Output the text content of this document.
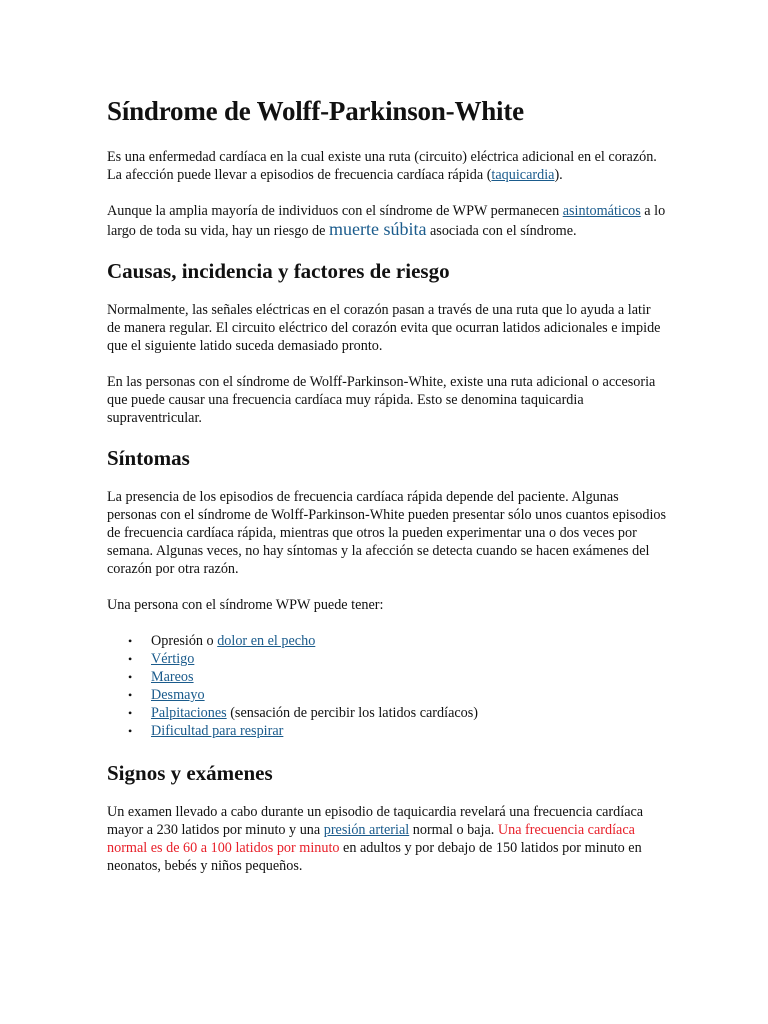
Síndrome de Wolff-Parkinson-White

Es una enfermedad cardíaca en la cual existe una ruta (circuito) eléctrica adicional en el corazón. La afección puede llevar a episodios de frecuencia cardíaca rápida (taquicardia).

Aunque la amplia mayoría de individuos con el síndrome de WPW permanecen asintomáticos a lo largo de toda su vida, hay un riesgo de muerte súbita asociada con el síndrome.

Causas, incidencia y factores de riesgo

Normalmente, las señales eléctricas en el corazón pasan a través de una ruta que lo ayuda a latir de manera regular. El circuito eléctrico del corazón evita que ocurran latidos adicionales e impide que el siguiente latido suceda demasiado pronto.

En las personas con el síndrome de Wolff-Parkinson-White, existe una ruta adicional o accesoria que puede causar una frecuencia cardíaca muy rápida. Esto se denomina taquicardia supraventricular.

Síntomas

La presencia de los episodios de frecuencia cardíaca rápida depende del paciente. Algunas personas con el síndrome de Wolff-Parkinson-White pueden presentar sólo unos cuantos episodios de frecuencia cardíaca rápida, mientras que otros la pueden experimentar una o dos veces por semana. Algunas veces, no hay síntomas y la afección se detecta cuando se hacen exámenes del corazón por otra razón.

Una persona con el síndrome WPW puede tener:

• Opresión o dolor en el pecho
• Vértigo
• Mareos
• Desmayo
• Palpitaciones (sensación de percibir los latidos cardíacos)
• Dificultad para respirar
Signos y exámenes

Un examen llevado a cabo durante un episodio de taquicardia revelará una frecuencia cardíaca mayor a 230 latidos por minuto y una presión arterial normal o baja. Una frecuencia cardíaca normal es de 60 a 100 latidos por minuto en adultos y por debajo de 150 latidos por minuto en neonatos, bebés y niños pequeños.
